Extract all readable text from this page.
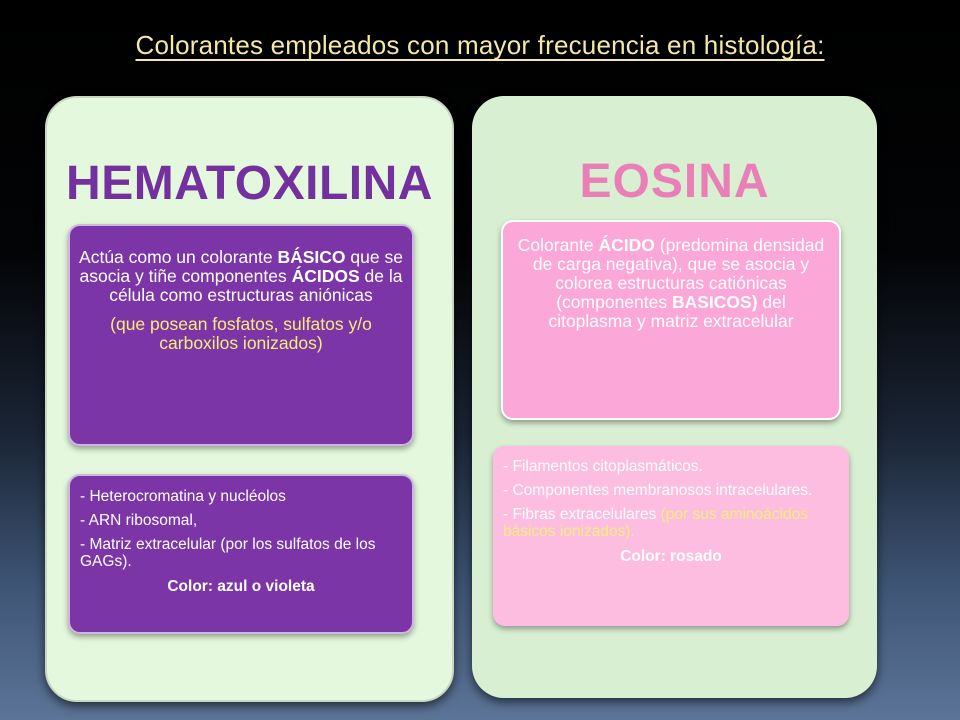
Colorantes empleados con mayor frecuencia en histología:
HEMATOXILINA
Actúa como un colorante BÁSICO que se asocia y tiñe componentes ÁCIDOS de la célula como estructuras aniónicas
(que posean fosfatos, sulfatos y/o carboxilos ionizados)

- Heterocromatina y nucléolos

- ARN ribosomal,

- Matriz extracelular (por los sulfatos de los GAGs).

Color: azul o violeta
EOSINA
Colorante ÁCIDO (predomina densidad de carga negativa), que se asocia y colorea estructuras catiónicas (componentes BASICOS) del citoplasma y matriz extracelular

- Filamentos citoplasmáticos.

- Componentes membranosos intracelulares.

- Fibras extracelulares (por sus aminoácidos básicos ionizados).

Color: rosado
